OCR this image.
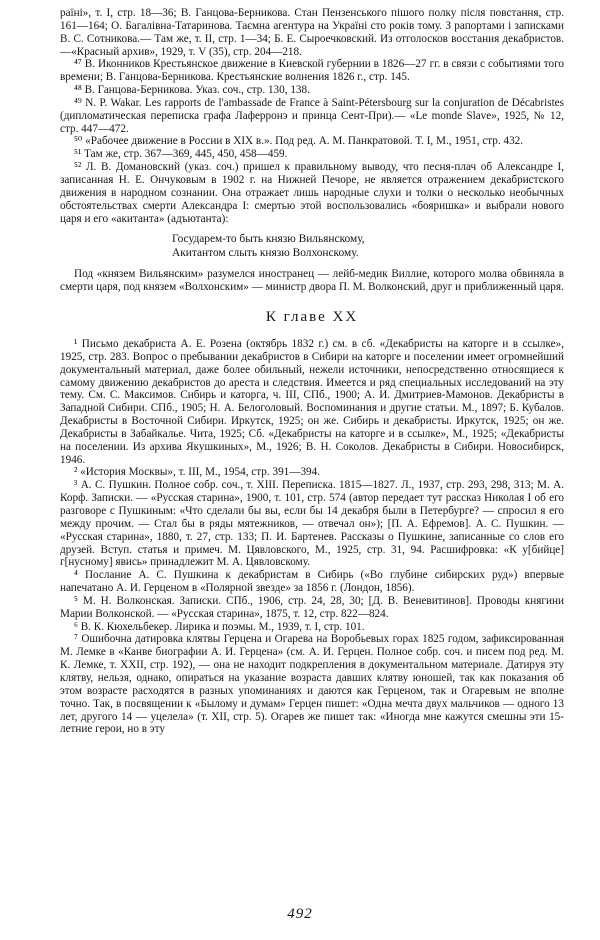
раїні», т. I, стр. 18—36; В. Ганцова-Берникова. Стан Пензенського пішого полку після повстання, стр. 161—164; О. Багалівна-Татаринова. Таємна агентура на Україні сто років тому. З рапортами і записками В. С. Сотникова.— Там же, т. II, стр. 1—34; Б. Е. Сыроечковский. Из отголосков восстания декабристов. —«Красный архив», 1929, т. V (35), стр. 204—218.

⁴⁷ В. Иконников Крестьянское движение в Киевской губернии в 1826—27 гг. в связи с событиями того времени; В. Ганцова-Берникова. Крестьянские волнения 1826 г., стр. 145.

⁴⁸ В. Ганцова-Берникова. Указ. соч., стр. 130, 138.

⁴⁹ N. P. Wakar. Les rapports de l'ambassade de France à Saint-Pétersbourg sur la conjuration de Décabristes (дипломатическая переписка графа Лаферронэ и принца Сент-При).— «Le monde Slave», 1925, № 12, стр. 447—472.

⁵⁰ «Рабочее движение в России в XIX в.». Под ред. А. М. Панкратовой. Т. I, М., 1951, стр. 432.

⁵¹ Там же, стр. 367—369, 445, 450, 458—459.

⁵² Л. В. Домановский (указ. соч.) пришел к правильному выводу, что песня-плач об Александре I, записанная Н. Е. Ончуковым в 1902 г. на Нижней Печоре, не является отражением декабристского движения в народном сознании. Она отражает лишь народные слухи и толки о несколько необычных обстоятельствах смерти Александра I: смертью этой воспользовались «бояришка» и выбрали нового царя и его «акитанта» (адъютанта):

Государем-то быть князю Вильянскому,

Акитантом слыть князю Волхонскому.

Под «князем Вильянским» разумелся иностранец — лейб-медик Виллие, которого молва обвиняла в смерти царя, под князем «Волхонским» — министр двора П. М. Волконский, друг и приближенный царя.

К главе XX

¹ Письмо декабриста А. Е. Розена (октябрь 1832 г.) см. в сб. «Декабристы на каторге и в ссылке», 1925, стр. 283. Вопрос о пребывании декабристов в Сибири на каторге и поселении имеет огромнейший документальный материал, даже более обильный, нежели источники, непосредственно относящиеся к самому движению декабристов до ареста и следствия. Имеется и ряд специальных исследований на эту тему. См. С. Максимов. Сибирь и каторга, ч. III, СПб., 1900; А. И. Дмитриев-Мамонов. Декабристы в Западной Сибири. СПб., 1905; Н. А. Белоголовый. Воспоминания и другие статьи. М., 1897; Б. Кубалов. Декабристы в Восточной Сибири. Иркутск, 1925; он же. Сибирь и декабристы. Иркутск, 1925; он же. Декабристы в Забайкалье. Чита, 1925; Сб. «Декабристы на каторге и в ссылке», М., 1925; «Декабристы на поселении. Из архива Якушкиных», М., 1926; В. Н. Соколов. Декабристы в Сибири. Новосибирск, 1946.

² «История Москвы», т. III, М., 1954, стр. 391—394.

³ А. С. Пушкин. Полное собр. соч., т. XIII. Переписка. 1815—1827. Л., 1937, стр. 293, 298, 313; М. А. Корф. Записки. — «Русская старина», 1900, т. 101, стр. 574 (автор передает тут рассказ Николая I об его разговоре с Пушкиным: «Что сделали бы вы, если бы 14 декабря были в Петербурге? — спросил я его между прочим. — Стал бы в ряды мятежников, — отвечал он»); [П. А. Ефремов]. А. С. Пушкин. — «Русская старина», 1880, т. 27, стр. 133; П. И. Бартенев. Рассказы о Пушкине, записанные со слов его друзей. Вступ. статья и примеч. М. Цявловского, М., 1925, стр. 31, 94. Расшифровка: «К у[бийце] г[нусному] явись» принадлежит М. А. Цявловскому.

⁴ Послание А. С. Пушкина к декабристам в Сибирь («Во глубине сибирских руд») впервые напечатано А. И. Герценом в «Полярной звезде» за 1856 г. (Лондон, 1856).

⁵ М. Н. Волконская. Записки. СПб., 1906, стр. 24, 28, 30; [Д. В. Веневитинов]. Проводы княгини Марии Волконской. — «Русская старина», 1875, т. 12, стр. 822—824.

⁶ В. К. Кюхельбекер. Лирика и поэмы. М., 1939, т. I, стр. 101.

⁷ Ошибочна датировка клятвы Герцена и Огарева на Воробьевых горах 1825 годом, зафиксированная М. Лемке в «Канве биографии А. И. Герцена» (см. А. И. Герцен. Полное собр. соч. и писем под ред. М. К. Лемке, т. XXII, стр. 192), — она не находит подкрепления в документальном материале. Датируя эту клятву, нельзя, однако, опираться на указание возраста давших клятву юношей, так как показания об этом возрасте расходятся в разных упоминаниях и даются как Герценом, так и Огаревым не вполне точно. Так, в посвящении к «Былому и думам» Герцен пишет: «Одна мечта двух мальчиков — одного 13 лет, другого 14 — уцелела» (т. XII, стр. 5). Огарев же пишет так: «Иногда мне кажутся смешны эти 15-летние герои, но в эту

492
